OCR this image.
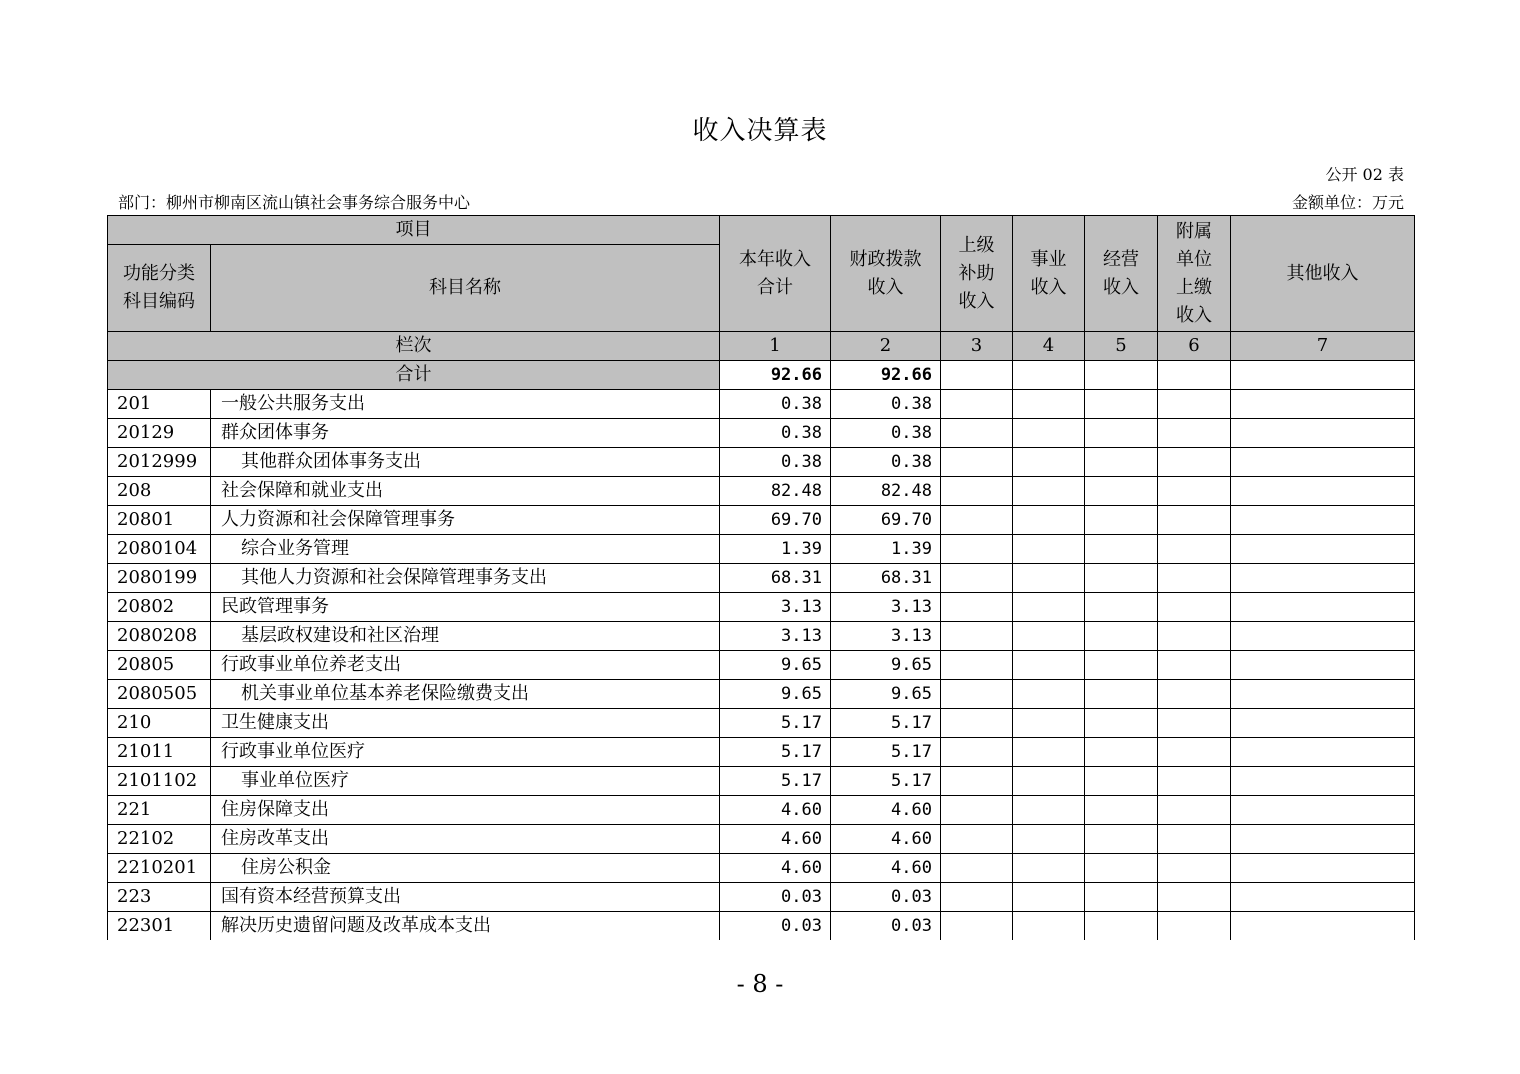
收入决算表
公开 02 表
部门：柳州市柳南区流山镇社会事务综合服务中心	金额单位：万元
项目		本年收入合计	财政拨款收入	上级补助收入	事业收入	经营收入	附属单位上缴收入	其他收入

功能分类科目编码	科目名称							
栏次		1	2	3	4	5	6	7
合计		92.66	92.66					
201	一般公共服务支出	0.38	0.38					
20129	群众团体事务	0.38	0.38					
2012999	其他群众团体事务支出	0.38	0.38					
208	社会保障和就业支出	82.48	82.48					
20801	人力资源和社会保障管理事务	69.70	69.70					
2080104	综合业务管理	1.39	1.39					
2080199	其他人力资源和社会保障管理事务支出	68.31	68.31					
20802	民政管理事务	3.13	3.13					
2080208	基层政权建设和社区治理	3.13	3.13					
20805	行政事业单位养老支出	9.65	9.65					
2080505	机关事业单位基本养老保险缴费支出	9.65	9.65					
210	卫生健康支出	5.17	5.17					
21011	行政事业单位医疗	5.17	5.17					
2101102	事业单位医疗	5.17	5.17					
221	住房保障支出	4.60	4.60					
22102	住房改革支出	4.60	4.60					
2210201	住房公积金	4.60	4.60					
223	国有资本经营预算支出	0.03	0.03					
22301	解决历史遗留问题及改革成本支出	0.03	0.03					
- 8 -
